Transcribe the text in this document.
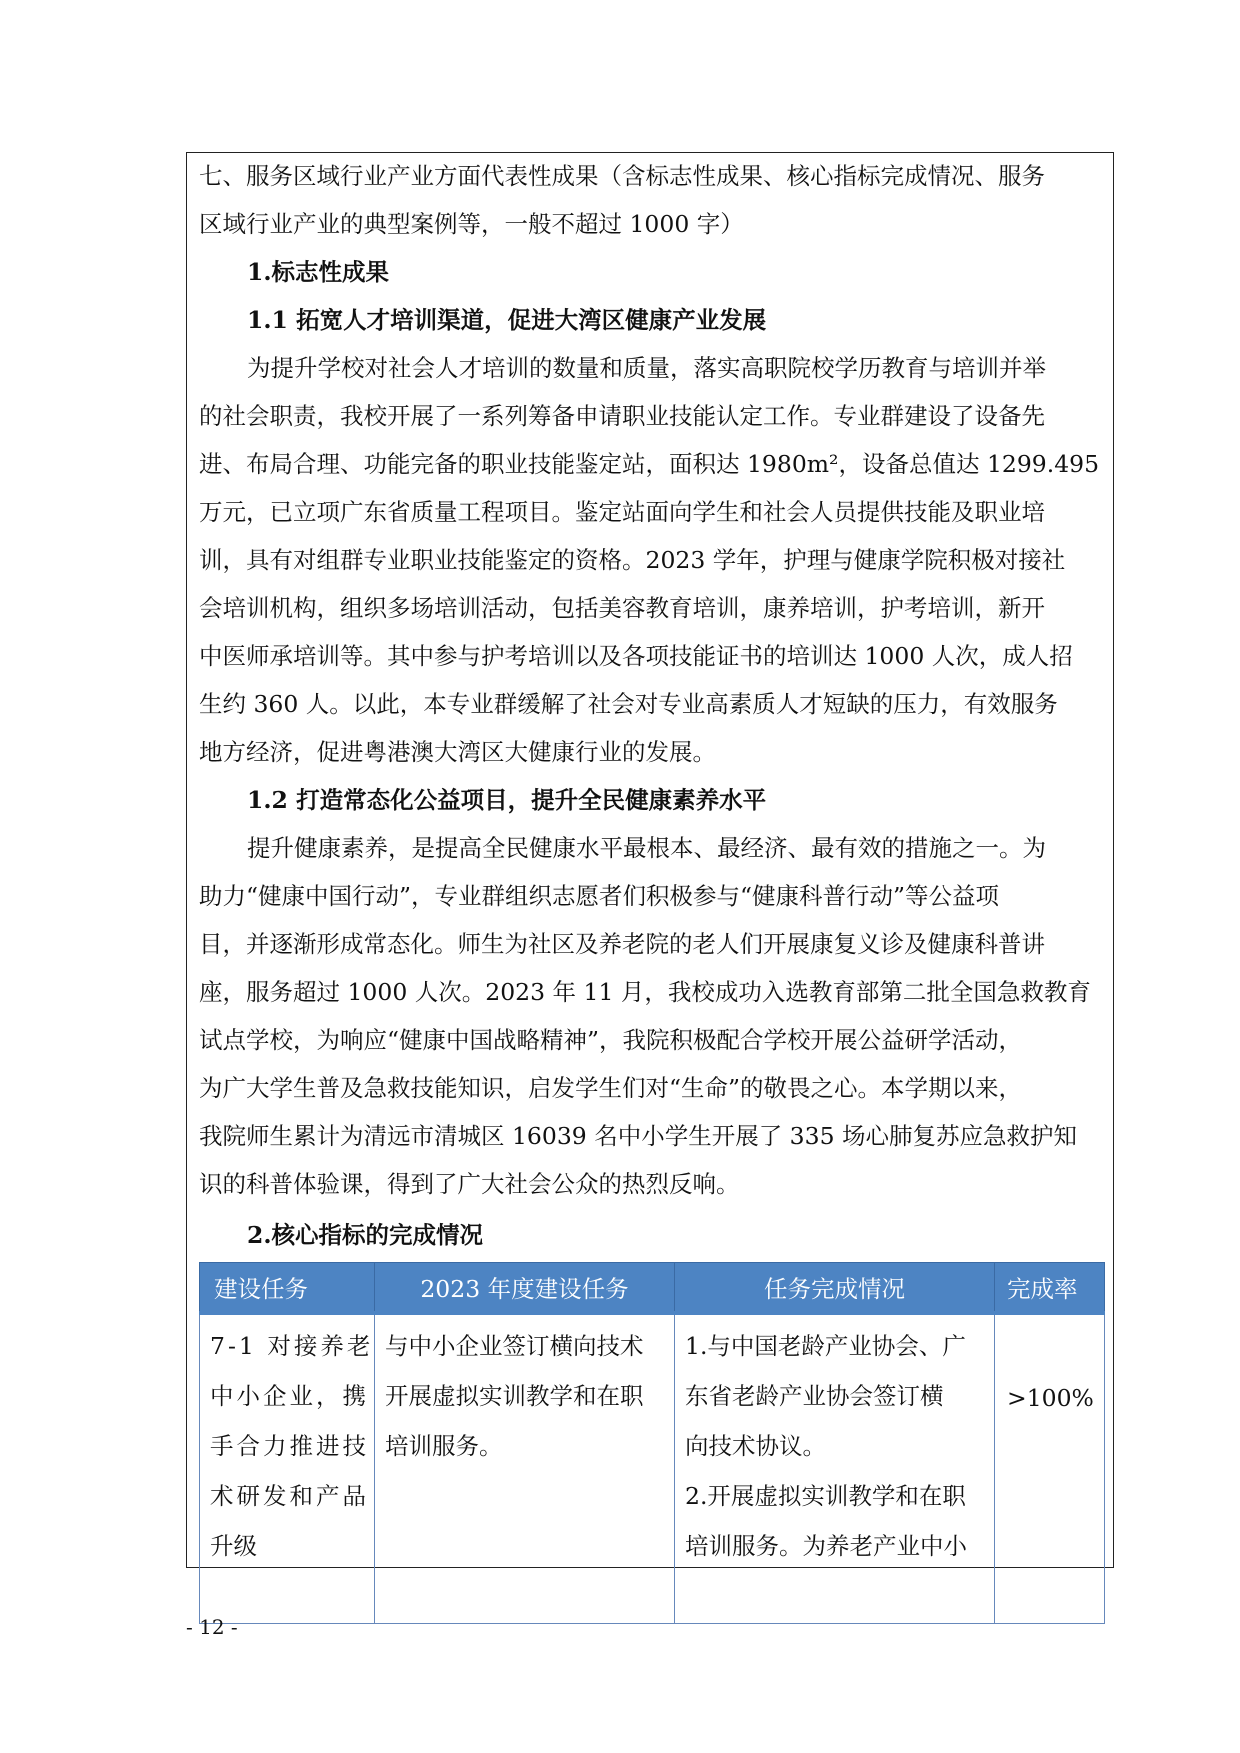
七、服务区域行业产业方面代表性成果（含标志性成果、核心指标完成情况、服务
区域行业产业的典型案例等，一般不超过 1000 字）
1.标志性成果
1.1 拓宽人才培训渠道，促进大湾区健康产业发展
为提升学校对社会人才培训的数量和质量，落实高职院校学历教育与培训并举
的社会职责，我校开展了一系列筹备申请职业技能认定工作。专业群建设了设备先
进、布局合理、功能完备的职业技能鉴定站，面积达 1980m²，设备总值达 1299.495
万元，已立项广东省质量工程项目。鉴定站面向学生和社会人员提供技能及职业培
训，具有对组群专业职业技能鉴定的资格。2023 学年，护理与健康学院积极对接社
会培训机构，组织多场培训活动，包括美容教育培训，康养培训，护考培训，新开
中医师承培训等。其中参与护考培训以及各项技能证书的培训达 1000 人次，成人招
生约 360 人。以此，本专业群缓解了社会对专业高素质人才短缺的压力，有效服务
地方经济，促进粤港澳大湾区大健康行业的发展。
1.2 打造常态化公益项目，提升全民健康素养水平
提升健康素养，是提高全民健康水平最根本、最经济、最有效的措施之一。为
助力“健康中国行动”，专业群组织志愿者们积极参与“健康科普行动”等公益项
目，并逐渐形成常态化。师生为社区及养老院的老人们开展康复义诊及健康科普讲
座，服务超过 1000 人次。2023 年 11 月，我校成功入选教育部第二批全国急救教育
试点学校，为响应“健康中国战略精神”，我院积极配合学校开展公益研学活动，
为广大学生普及急救技能知识，启发学生们对“生命”的敬畏之心。本学期以来，
我院师生累计为清远市清城区 16039 名中小学生开展了 335 场心肺复苏应急救护知
识的科普体验课，得到了广大社会公众的热烈反响。
2.核心指标的完成情况
建设任务	2023 年度建设任务	任务完成情况	完成率

7-1 对接养老
中小企业，携
手合力推进技
术研发和产品
升级	与中小企业签订横向技术
开展虚拟实训教学和在职
培训服务。	1.与中国老龄产业协会、广
东省老龄产业协会签订横
向技术协议。
2.开展虚拟实训教学和在职
培训服务。为养老产业中小	>100%
- 12 -
